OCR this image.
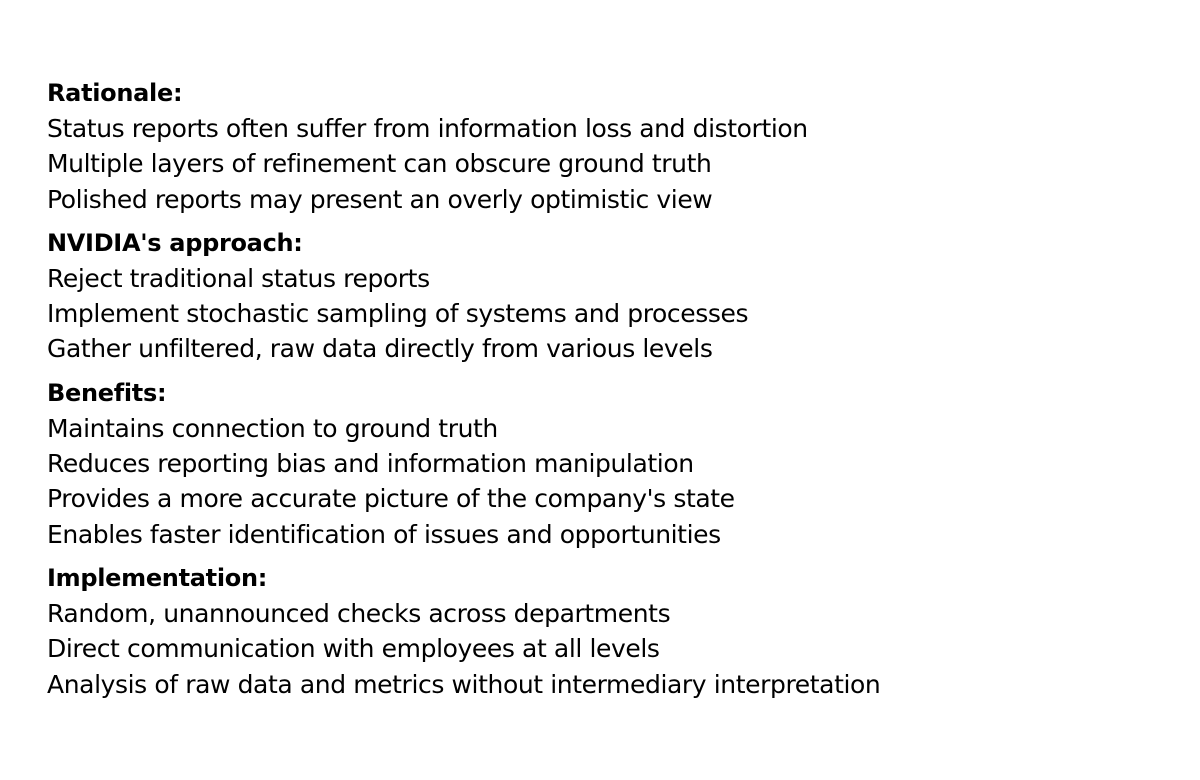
Rationale:
Status reports often suffer from information loss and distortion
Multiple layers of refinement can obscure ground truth
Polished reports may present an overly optimistic view
NVIDIA's approach:
Reject traditional status reports
Implement stochastic sampling of systems and processes
Gather unfiltered, raw data directly from various levels
Benefits:
Maintains connection to ground truth
Reduces reporting bias and information manipulation
Provides a more accurate picture of the company's state
Enables faster identification of issues and opportunities
Implementation:
Random, unannounced checks across departments
Direct communication with employees at all levels
Analysis of raw data and metrics without intermediary interpretation
